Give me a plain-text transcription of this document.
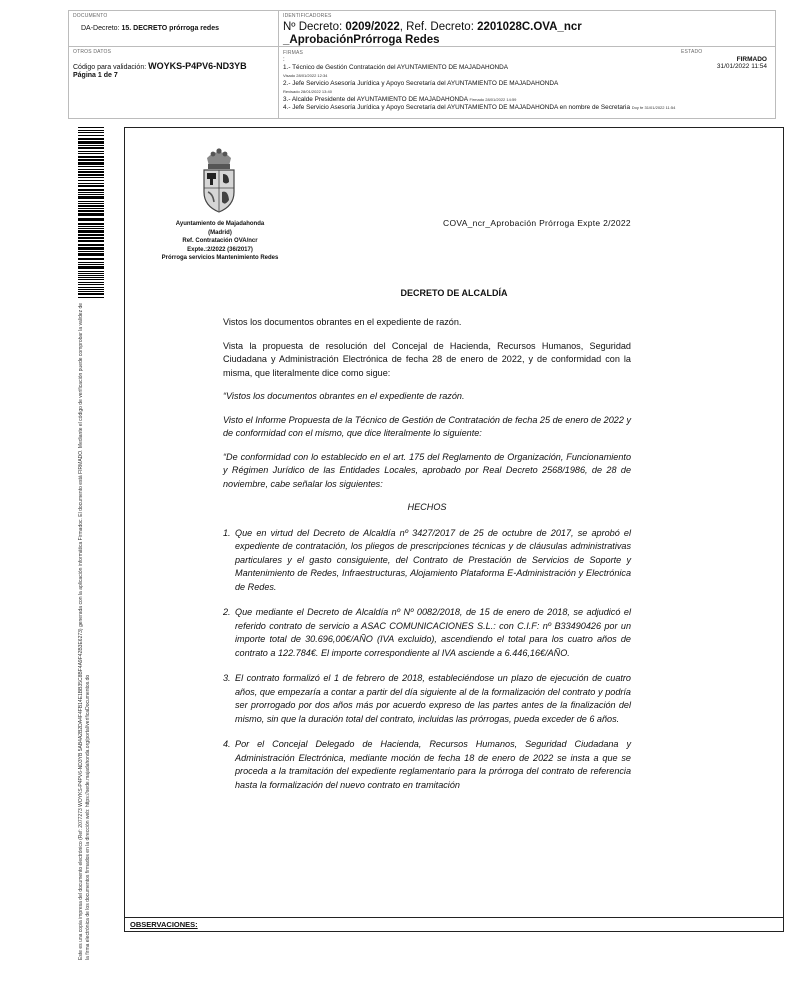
DOCUMENTO
DA-Decreto: 15. DECRETO prórroga redes
IDENTIFICADORES
Nº Decreto: 0209/2022, Ref. Decreto: 2201028C.OVA_ncr
_AprobaciónPrórroga Redes
OTROS DATOS
Código para validación: WOYKS-P4PV6-ND3YB
Página 1 de 7
FIRMAS
:
1.- Técnico de Gestión Contratación del AYUNTAMIENTO DE MAJADAHONDA
Visado 28/01/2022 12:34
2.- Jefe Servicio Asesoría Jurídica y Apoyo Secretaría del AYUNTAMIENTO DE MAJADAHONDA
Revisado 28/01/2022 13:40
3.- Alcalde Presidente del AYUNTAMIENTO DE MAJADAHONDA Firmado 28/01/2022 14:59
4.- Jefe Servicio Asesoría Jurídica y Apoyo Secretaría del AYUNTAMIENTO DE MAJADAHONDA en nombre de Secretaria Doy fe 31/01/2022 11:54
ESTADO
FIRMADO
31/01/2022 11:54
Este es una copia impresa del documento electrónico (Ref: 2077273 WOYKS-P4PV6-ND3YB 5AB4A2B2DA4F4FB14E1BB35C8BF4A9F42B3E6273) generada con la aplicación informática Firmadoc. El documento está FIRMADO. Mediante el código de verificación puede comprobar la validez de la firma electrónica de los documentos firmados en la dirección web: https://sede.majadahonda.org/portal/verificaDocumentos.do
Ayuntamiento de Majadahonda
(Madrid)
Ref. Contratación OVA/ncr
Expte.:2/2022 (36/2017)
Prórroga servicios Mantenimiento Redes
COVA_ncr_Aprobación Prórroga Expte 2/2022
DECRETO DE ALCALDÍA

Vistos los documentos obrantes en el expediente de razón.

Vista la propuesta de resolución del Concejal de Hacienda, Recursos Humanos, Seguridad Ciudadana y Administración Electrónica de fecha 28 de enero de 2022, y de conformidad con la misma, que literalmente dice como sigue:

“Vistos los documentos obrantes en el expediente de razón.

Visto el Informe Propuesta de la Técnico de Gestión de Contratación de fecha 25 de enero de 2022 y de conformidad con el mismo, que dice literalmente lo siguiente:

“De conformidad con lo establecido en el art. 175 del Reglamento de Organización, Funcionamiento y Régimen Jurídico de las Entidades Locales, aprobado por Real Decreto 2568/1986, de 28 de noviembre, cabe señalar los siguientes:

HECHOS
1. Que en virtud del Decreto de Alcaldía nº 3427/2017 de 25 de octubre de 2017, se aprobó el expediente de contratación, los pliegos de prescripciones técnicas y de cláusulas administrativas particulares y el gasto consiguiente, del Contrato de Prestación de Servicios de Soporte y Mantenimiento de Redes, Infraestructuras, Alojamiento Plataforma E-Administración y Electrónica de Redes.
2. Que mediante el Decreto de Alcaldía nº Nº 0082/2018, de 15 de enero de 2018, se adjudicó el referido contrato de servicio a ASAC COMUNICACIONES S.L.: con C.I.F: nº B33490426 por un importe total de 30.696,00€/AÑO (IVA excluido), ascendiendo el total para los cuatro años de contrato a 122.784€. El importe correspondiente al IVA asciende a 6.446,16€/AÑO.
3. El contrato formalizó el 1 de febrero de 2018, estableciéndose un plazo de ejecución de cuatro años, que empezaría a contar a partir del día siguiente al de la formalización del contrato y podría ser prorrogado por dos años más por acuerdo expreso de las partes antes de la finalización del mismo, sin que la duración total del contrato, incluidas las prórrogas, pueda exceder de 6 años.
4. Por el Concejal Delegado de Hacienda, Recursos Humanos, Seguridad Ciudadana y Administración Electrónica, mediante moción de fecha 18 de enero de 2022 se insta a que se proceda a la tramitación del expediente reglamentario para la prórroga del contrato de referencia hasta la formalización del nuevo contrato en tramitación
OBSERVACIONES:
